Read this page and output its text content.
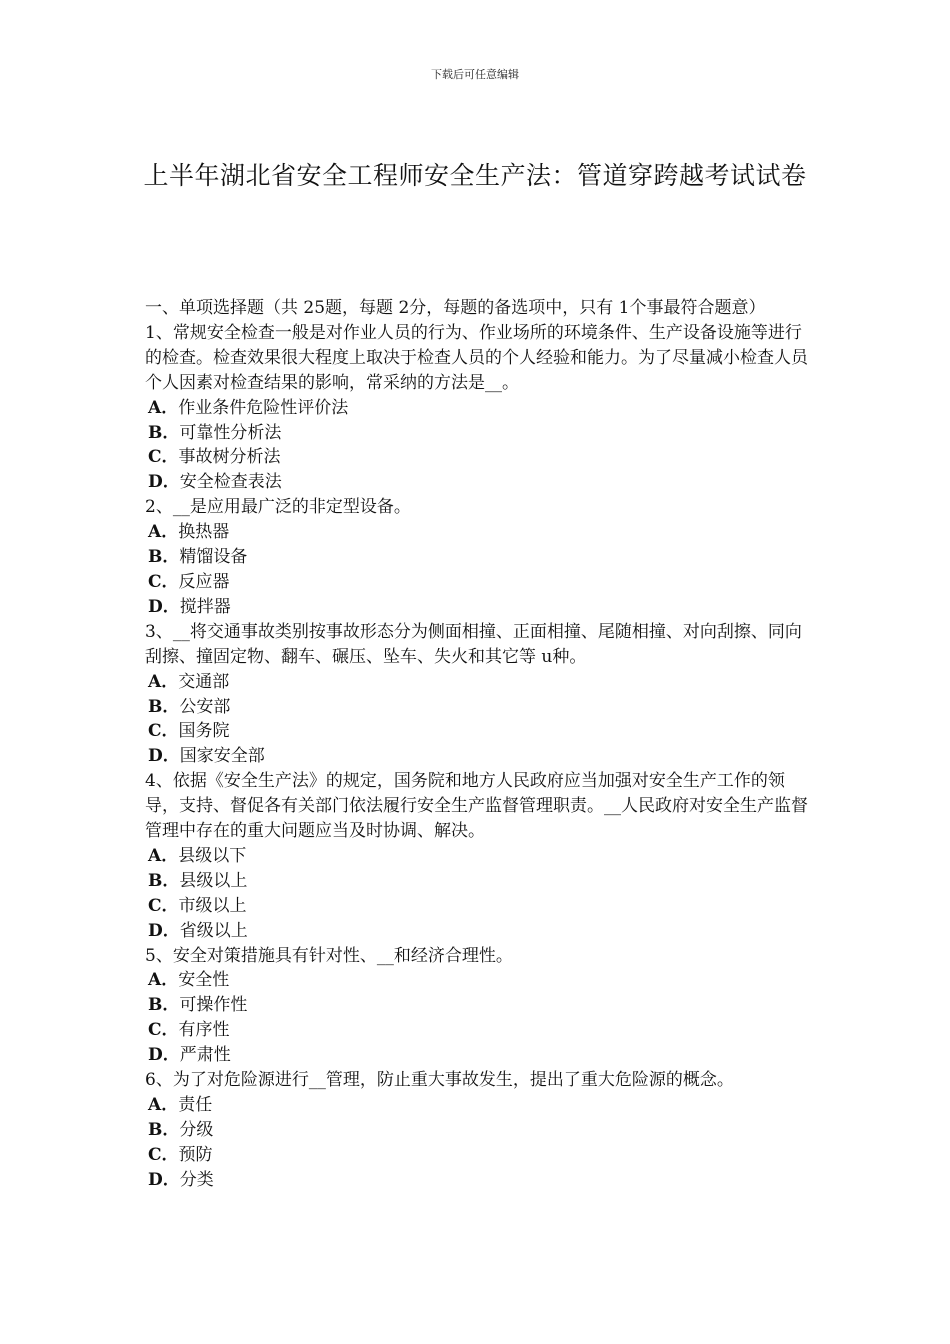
下载后可任意编辑
上半年湖北省安全工程师安全生产法：管道穿跨越考试试卷
一、单项选择题（共 25题，每题 2分，每题的备选项中，只有 1个事最符合题意）
1、常规安全检查一般是对作业人员的行为、作业场所的环境条件、生产设备设施等进行的检查。检查效果很大程度上取决于检查人员的个人经验和能力。为了尽量减小检查人员个人因素对检查结果的影响，常采纳的方法是__。
A．作业条件危险性评价法
B．可靠性分析法
C．事故树分析法
D．安全检查表法
2、__是应用最广泛的非定型设备。
A．换热器
B．精馏设备
C．反应器
D．搅拌器
3、__将交通事故类别按事故形态分为侧面相撞、正面相撞、尾随相撞、对向刮擦、同向刮擦、撞固定物、翻车、碾压、坠车、失火和其它等 u种。
A．交通部
B．公安部
C．国务院
D．国家安全部
4、依据《安全生产法》的规定，国务院和地方人民政府应当加强对安全生产工作的领导，支持、督促各有关部门依法履行安全生产监督管理职责。__人民政府对安全生产监督管理中存在的重大问题应当及时协调、解决。
A．县级以下
B．县级以上
C．市级以上
D．省级以上
5、安全对策措施具有针对性、__和经济合理性。
A．安全性
B．可操作性
C．有序性
D．严肃性
6、为了对危险源进行__管理，防止重大事故发生，提出了重大危险源的概念。
A．责任
B．分级
C．预防
D．分类
